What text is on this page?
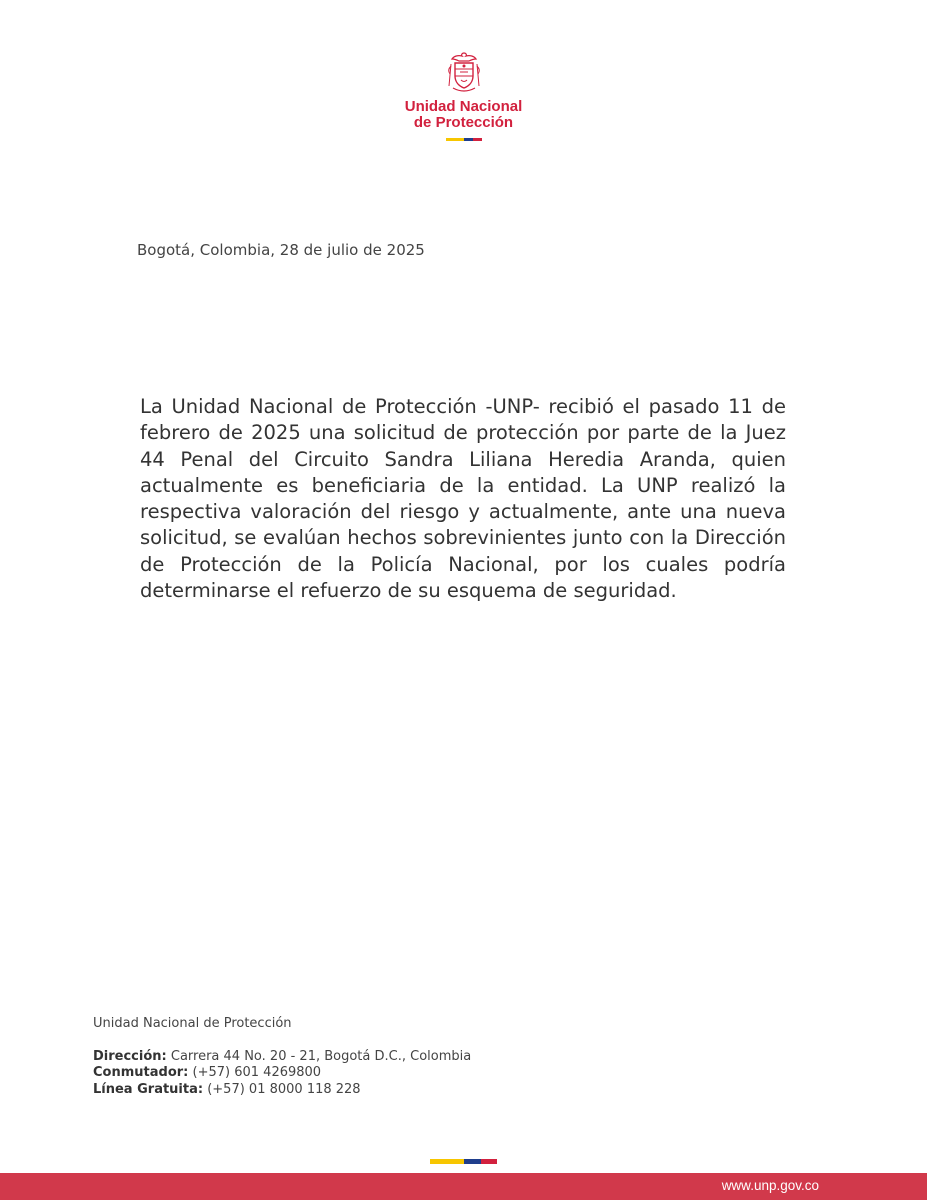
Unidad Nacional
de Protección
Bogotá, Colombia, 28 de julio de 2025

La Unidad Nacional de Protección -UNP- recibió el pasado 11 de febrero de 2025 una solicitud de protección por parte de la Juez 44 Penal del Circuito Sandra Liliana Heredia Aranda, quien actualmente es beneficiaria de la entidad. La UNP realizó la respectiva valoración del riesgo y actualmente, ante una nueva solicitud, se evalúan hechos sobrevinientes junto con la Dirección de Protección de la Policía Nacional, por los cuales podría determinarse el refuerzo de su esquema de seguridad.

Unidad Nacional de Protección
Dirección: Carrera 44 No. 20 - 21, Bogotá D.C., Colombia
Conmutador: (+57) 601 4269800
Línea Gratuita: (+57) 01 8000 118 228
www.unp.gov.co
